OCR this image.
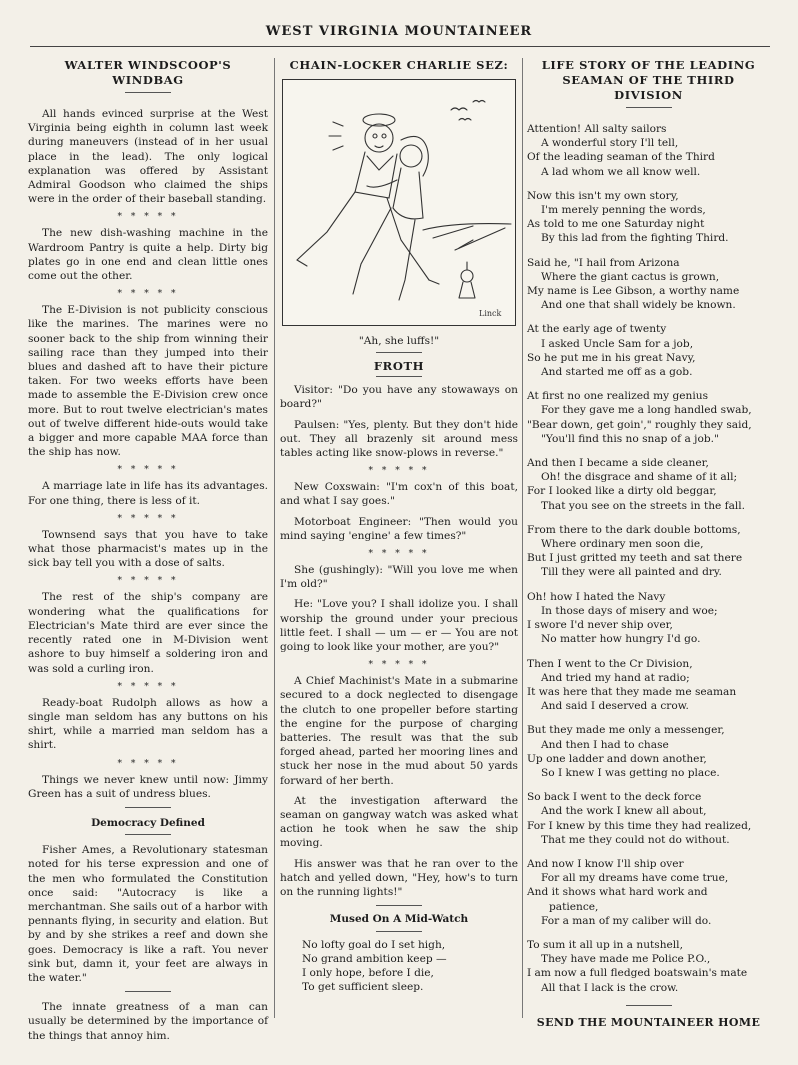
WEST VIRGINIA MOUNTAINEER
WALTER WINDSCOOP'S WINDBAG

All hands evinced surprise at the West Virginia being eighth in column last week during maneuvers (instead of in her usual place in the lead). The only logical explanation was offered by Assistant Admiral Goodson who claimed the ships were in the order of their baseball standing.

* * * * *

The new dish-washing machine in the Wardroom Pantry is quite a help. Dirty big plates go in one end and clean little ones come out the other.

* * * * *

The E-Division is not publicity conscious like the marines. The marines were no sooner back to the ship from winning their sailing race than they jumped into their blues and dashed aft to have their picture taken. For two weeks efforts have been made to assemble the E-Division crew once more. But to rout twelve electrician's mates out of twelve different hide-outs would take a bigger and more capable MAA force than the ship has now.

* * * * *

A marriage late in life has its advantages. For one thing, there is less of it.

* * * * *

Townsend says that you have to take what those pharmacist's mates up in the sick bay tell you with a dose of salts.

* * * * *

The rest of the ship's company are wondering what the qualifications for Electrician's Mate third are ever since the recently rated one in M-Division went ashore to buy himself a soldering iron and was sold a curling iron.

* * * * *

Ready-boat Rudolph allows as how a single man seldom has any buttons on his shirt, while a married man seldom has a shirt.

* * * * *

Things we never knew until now: Jimmy Green has a suit of undress blues.

Democracy Defined

Fisher Ames, a Revolutionary statesman noted for his terse expression and one of the men who formulated the Constitution once said: "Autocracy is like a merchantman. She sails out of a harbor with pennants flying, in security and elation. But by and by she strikes a reef and down she goes. Democracy is like a raft. You never sink but, damn it, your feet are always in the water."

The innate greatness of a man can usually be determined by the importance of the things that annoy him.

CHAIN-LOCKER CHARLIE SEZ:
Linck
"Ah, she luffs!"
FROTH

Visitor: "Do you have any stowaways on board?"

Paulsen: "Yes, plenty. But they don't hide out. They all brazenly sit around mess tables acting like snow-plows in reverse."

* * * * *

New Coxswain: "I'm cox'n of this boat, and what I say goes."

Motorboat Engineer: "Then would you mind saying 'engine' a few times?"

* * * * *

She (gushingly): "Will you love me when I'm old?"

He: "Love you? I shall idolize you. I shall worship the ground under your precious little feet. I shall — um — er — You are not going to look like your mother, are you?"

* * * * *

A Chief Machinist's Mate in a submarine secured to a dock neglected to disengage the clutch to one propeller before starting the engine for the purpose of charging batteries. The result was that the sub forged ahead, parted her mooring lines and stuck her nose in the mud about 50 yards forward of her berth.

At the investigation afterward the seaman on gangway watch was asked what action he took when he saw the ship moving.

His answer was that he ran over to the hatch and yelled down, "Hey, how's to turn on the running lights!"

Mused On A Mid-Watch
No lofty goal do I set high,
No grand ambition keep —
I only hope, before I die,
To get sufficient sleep.
LIFE STORY OF THE LEADING SEAMAN OF THE THIRD DIVISION
Attention! All salty sailors
A wonderful story I'll tell,
Of the leading seaman of the Third
A lad whom we all know well.
Now this isn't my own story,
I'm merely penning the words,
As told to me one Saturday night
By this lad from the fighting Third.
Said he, "I hail from Arizona
Where the giant cactus is grown,
My name is Lee Gibson, a worthy name
And one that shall widely be known.
At the early age of twenty
I asked Uncle Sam for a job,
So he put me in his great Navy,
And started me off as a gob.
At first no one realized my genius
For they gave me a long handled swab,
"Bear down, get goin'," roughly they said,
"You'll find this no snap of a job."
And then I became a side cleaner,
Oh! the disgrace and shame of it all;
For I looked like a dirty old beggar,
That you see on the streets in the fall.
From there to the dark double bottoms,
Where ordinary men soon die,
But I just gritted my teeth and sat there
Till they were all painted and dry.
Oh! how I hated the Navy
In those days of misery and woe;
I swore I'd never ship over,
No matter how hungry I'd go.
Then I went to the Cr Division,
And tried my hand at radio;
It was here that they made me seaman
And said I deserved a crow.
But they made me only a messenger,
And then I had to chase
Up one ladder and down another,
So I knew I was getting no place.
So back I went to the deck force
And the work I knew all about,
For I knew by this time they had realized,
That me they could not do without.
And now I know I'll ship over
For all my dreams have come true,
And it shows what hard work and
patience,
For a man of my caliber will do.
To sum it all up in a nutshell,
They have made me Police P.O.,
I am now a full fledged boatswain's mate
All that I lack is the crow.
SEND THE MOUNTAINEER HOME
